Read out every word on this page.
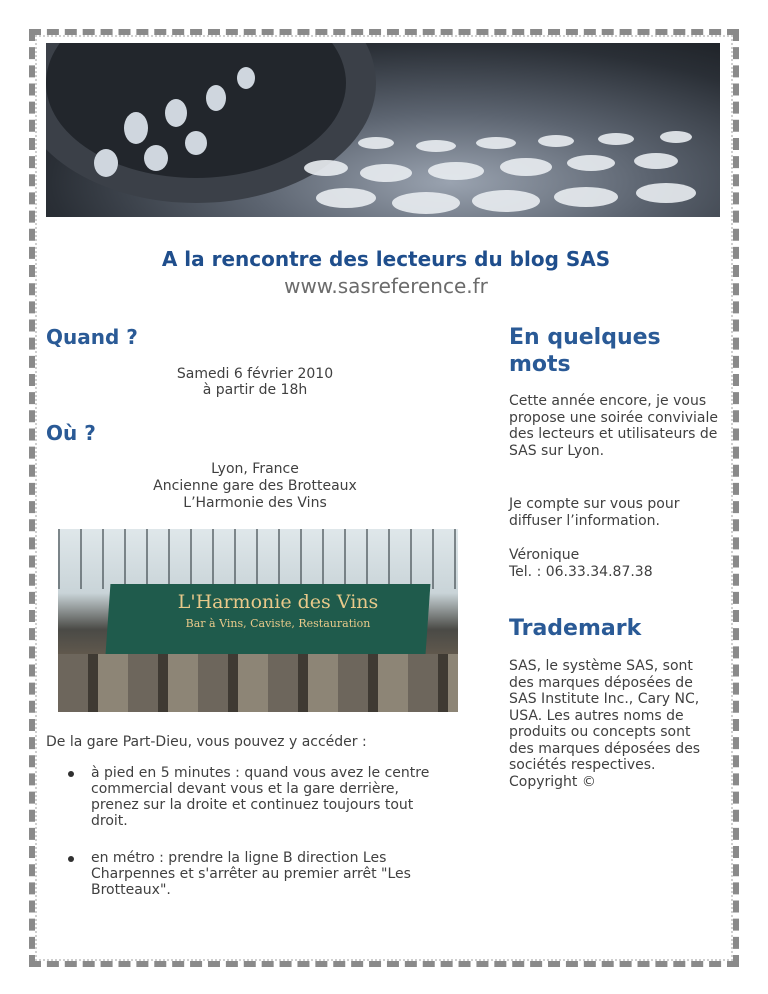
A la rencontre des lecteurs du blog SAS
www.sasreference.fr
Quand ?
Samedi 6 février 2010
à partir de 18h
Où ?
Lyon, France
Ancienne gare des Brotteaux
L’Harmonie des Vins
L'Harmonie des Vins
Bar à Vins, Caviste, Restauration
De la gare Part-Dieu, vous pouvez y accéder :
à pied en 5 minutes : quand vous avez le centre commercial devant vous et la gare derrière, prenez sur la droite et continuez toujours tout droit.
en métro : prendre la ligne B direction Les Charpennes et s'arrêter au premier arrêt "Les Brotteaux".
En quelques mots
Cette année encore, je vous propose une soirée conviviale des lecteurs et utilisateurs de SAS sur Lyon.
Je compte sur vous pour diffuser l’information.
Véronique
Tel. : 06.33.34.87.38
Trademark
SAS, le système SAS, sont des marques déposées de SAS Institute Inc., Cary NC, USA. Les autres noms de produits ou concepts sont des marques déposées des sociétés respectives. Copyright ©
